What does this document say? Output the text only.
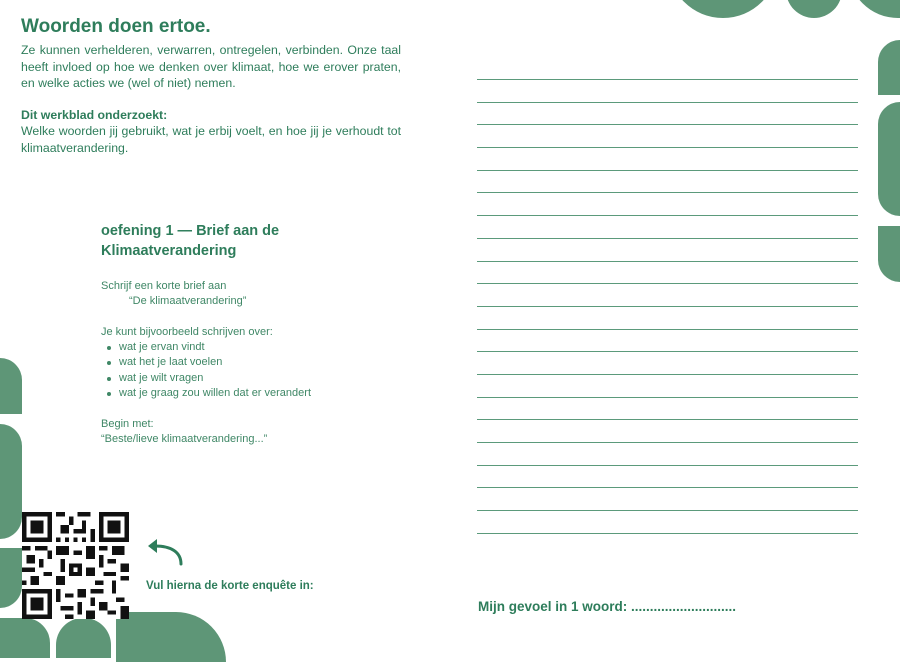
Woorden doen ertoe.

Ze kunnen verhelderen, verwarren, ontregelen, verbinden. Onze taal heeft invloed op hoe we denken over klimaat, hoe we erover praten, en welke acties we (wel of niet) nemen.

Dit werkblad onderzoekt:

Welke woorden jij gebruikt, wat je erbij voelt, en hoe jij je verhoudt tot klimaatverandering.

oefening 1 — Brief aan de Klimaatverandering

Schrijf een korte brief aan

“De klimaatverandering”

Je kunt bijvoorbeeld schrijven over:

wat je ervan vindt
wat het je laat voelen
wat je wilt vragen
wat je graag zou willen dat er verandert

Begin met:

“Beste/lieve klimaatverandering...”

Vul hierna de korte enquête in:

Mijn gevoel in 1 woord: ............................
